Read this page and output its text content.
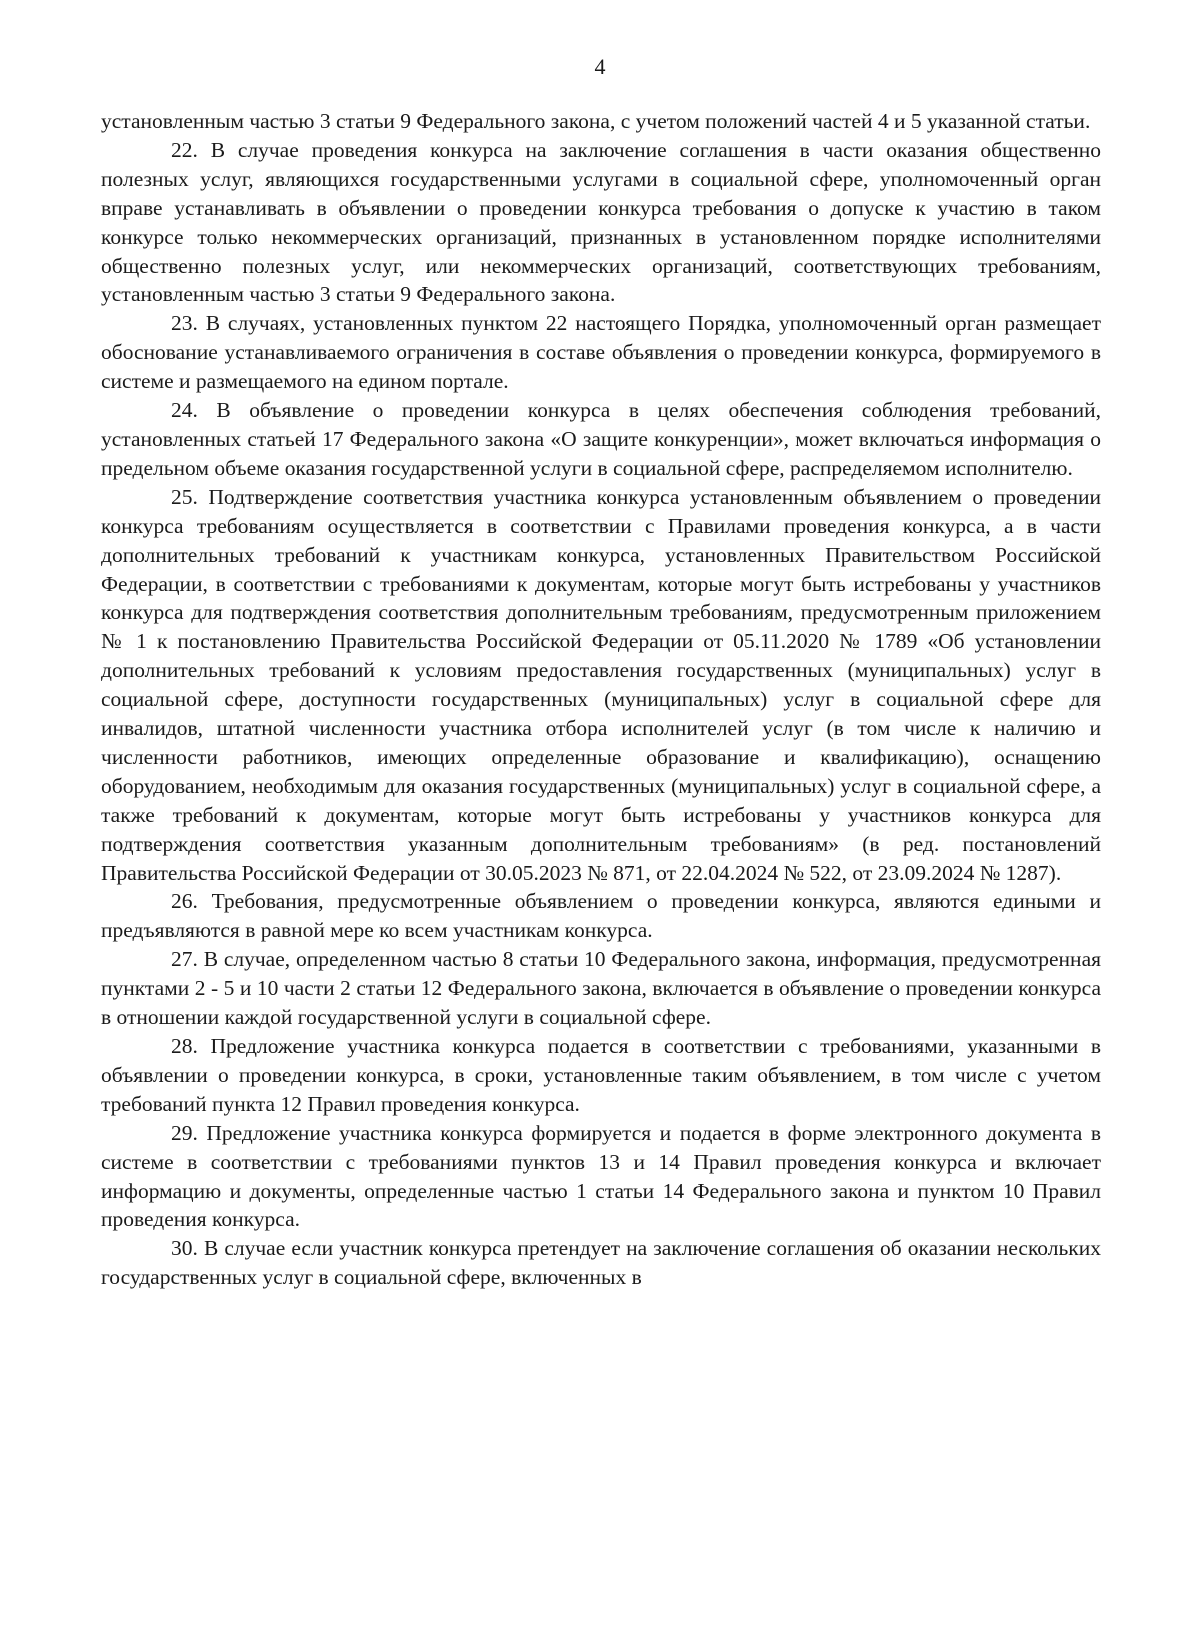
4

установленным частью 3 статьи 9 Федерального закона, с учетом положений частей 4 и 5 указанной статьи.

22. В случае проведения конкурса на заключение соглашения в части оказания общественно полезных услуг, являющихся государственными услугами в социальной сфере, уполномоченный орган вправе устанавливать в объявлении о проведении конкурса требования о допуске к участию в таком конкурсе только некоммерческих организаций, признанных в установленном порядке исполнителями общественно полезных услуг, или некоммерческих организаций, соответствующих требованиям, установленным частью 3 статьи 9 Федерального закона.

23. В случаях, установленных пунктом 22 настоящего Порядка, уполномоченный орган размещает обоснование устанавливаемого ограничения в составе объявления о проведении конкурса, формируемого в системе и размещаемого на едином портале.

24. В объявление о проведении конкурса в целях обеспечения соблюдения требований, установленных статьей 17 Федерального закона «О защите конкуренции», может включаться информация о предельном объеме оказания государственной услуги в социальной сфере, распределяемом исполнителю.

25. Подтверждение соответствия участника конкурса установленным объявлением о проведении конкурса требованиям осуществляется в соответствии с Правилами проведения конкурса, а в части дополнительных требований к участникам конкурса, установленных Правительством Российской Федерации, в соответствии с требованиями к документам, которые могут быть истребованы у участников конкурса для подтверждения соответствия дополнительным требованиям, предусмотренным приложением № 1 к постановлению Правительства Российской Федерации от 05.11.2020 № 1789 «Об установлении дополнительных требований к условиям предоставления государственных (муниципальных) услуг в социальной сфере, доступности государственных (муниципальных) услуг в социальной сфере для инвалидов, штатной численности участника отбора исполнителей услуг (в том числе к наличию и численности работников, имеющих определенные образование и квалификацию), оснащению оборудованием, необходимым для оказания государственных (муниципальных) услуг в социальной сфере, а также требований к документам, которые могут быть истребованы у участников конкурса для подтверждения соответствия указанным дополнительным требованиям» (в ред. постановлений Правительства Российской Федерации от 30.05.2023 № 871, от 22.04.2024 № 522, от 23.09.2024 № 1287).

26. Требования, предусмотренные объявлением о проведении конкурса, являются едиными и предъявляются в равной мере ко всем участникам конкурса.

27. В случае, определенном частью 8 статьи 10 Федерального закона, информация, предусмотренная пунктами 2 - 5 и 10 части 2 статьи 12 Федерального закона, включается в объявление о проведении конкурса в отношении каждой государственной услуги в социальной сфере.

28. Предложение участника конкурса подается в соответствии с требованиями, указанными в объявлении о проведении конкурса, в сроки, установленные таким объявлением, в том числе с учетом требований пункта 12 Правил проведения конкурса.

29. Предложение участника конкурса формируется и подается в форме электронного документа в системе в соответствии с требованиями пунктов 13 и 14 Правил проведения конкурса и включает информацию и документы, определенные частью 1 статьи 14 Федерального закона и пунктом 10 Правил проведения конкурса.

30. В случае если участник конкурса претендует на заключение соглашения об оказании нескольких государственных услуг в социальной сфере, включенных в
